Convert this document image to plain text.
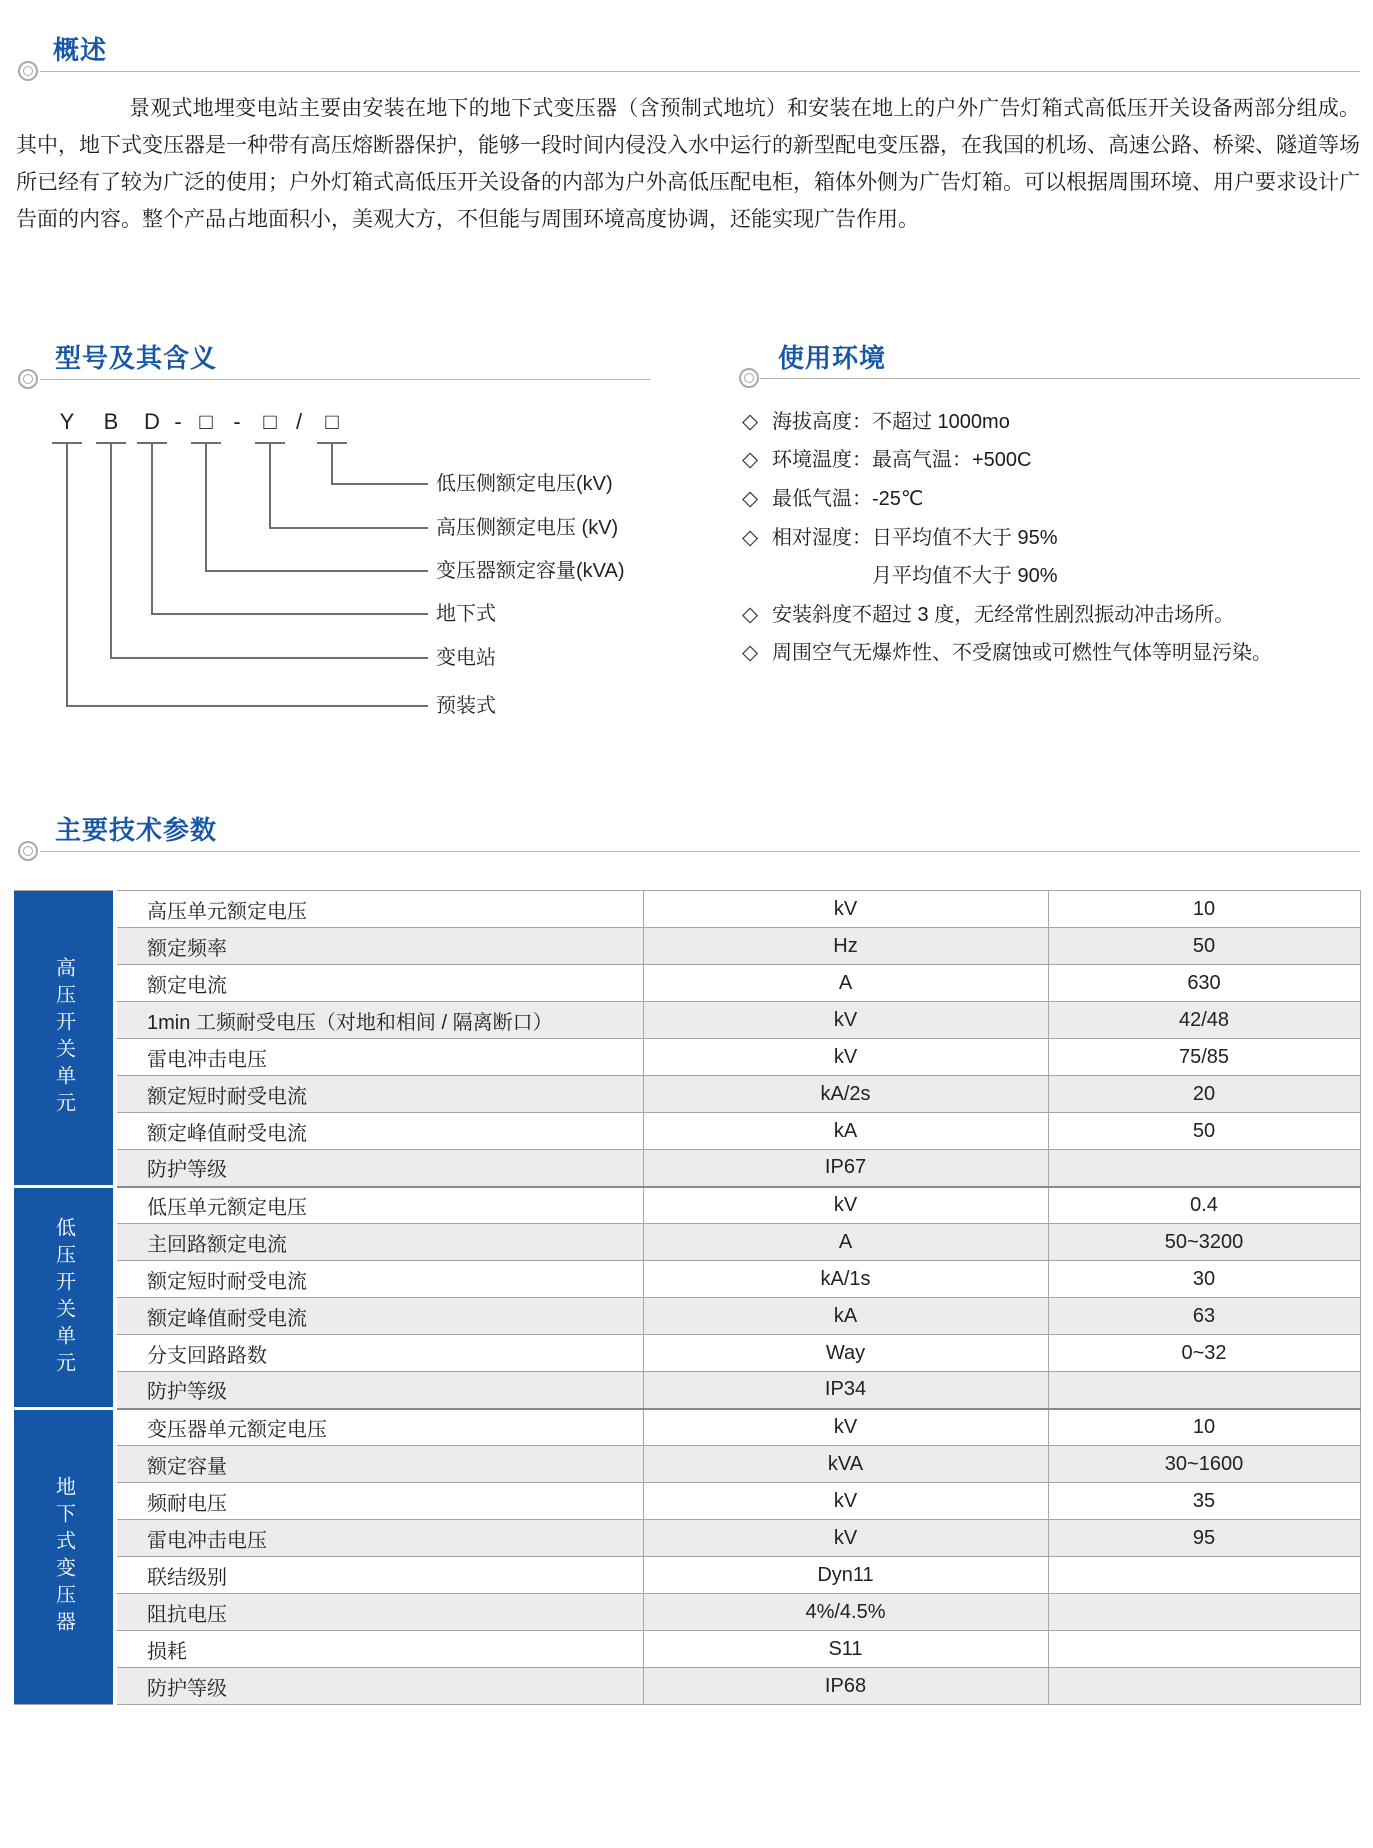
概述
景观式地埋变电站主要由安装在地下的地下式变压器（含预制式地坑）和安装在地上的户外广告灯箱式高低压开关设备两部分组成。其中，地下式变压器是一种带有高压熔断器保护，能够一段时间内侵没入水中运行的新型配电变压器，在我国的机场、高速公路、桥梁、隧道等场所已经有了较为广泛的使用；户外灯箱式高低压开关设备的内部为户外高低压配电柜，箱体外侧为广告灯箱。可以根据周围环境、用户要求设计广告面的内容。整个产品占地面积小，美观大方，不但能与周围环境高度协调，还能实现广告作用。
型号及其含义
Y	B	D - □ -	□ /	□
低压侧额定电压(kV)
高压侧额定电压 (kV)
变压器额定容量(kVA)
地下式
变电站
预装式
使用环境
◇ 海拔高度：不超过 1000mo
◇ 环境温度：最高气温：+500C
◇ 最低气温：-25℃
◇ 相对湿度：日平均值不大于 95%
月平均值不大于 90%
◇ 安装斜度不超过 3 度，无经常性剧烈振动冲击场所。
◇ 周围空气无爆炸性、不受腐蚀或可燃性气体等明显污染。
主要技术参数
高压开关单元	高压单元额定电压	kV	10
	额定频率	Hz	50
	额定电流	A	630
	1min 工频耐受电压（对地和相间 / 隔离断口）	kV	42/48
	雷电冲击电压	kV	75/85
	额定短时耐受电流	kA/2s	20
	额定峰值耐受电流	kA	50
	防护等级	IP67	

低压开关单元	低压单元额定电压	kV	0.4
	主回路额定电流	A	50~3200
	额定短时耐受电流	kA/1s	30
	额定峰值耐受电流	kA	63
	分支回路路数	Way	0~32
	防护等级	IP34	

地下式变压器	变压器单元额定电压	kV	10
	额定容量	kVA	30~1600
	频耐电压	kV	35
	雷电冲击电压	kV	95
	联结级别	Dyn11	
	阻抗电压	4%/4.5%	
	损耗	S11	
	防护等级	IP68	
